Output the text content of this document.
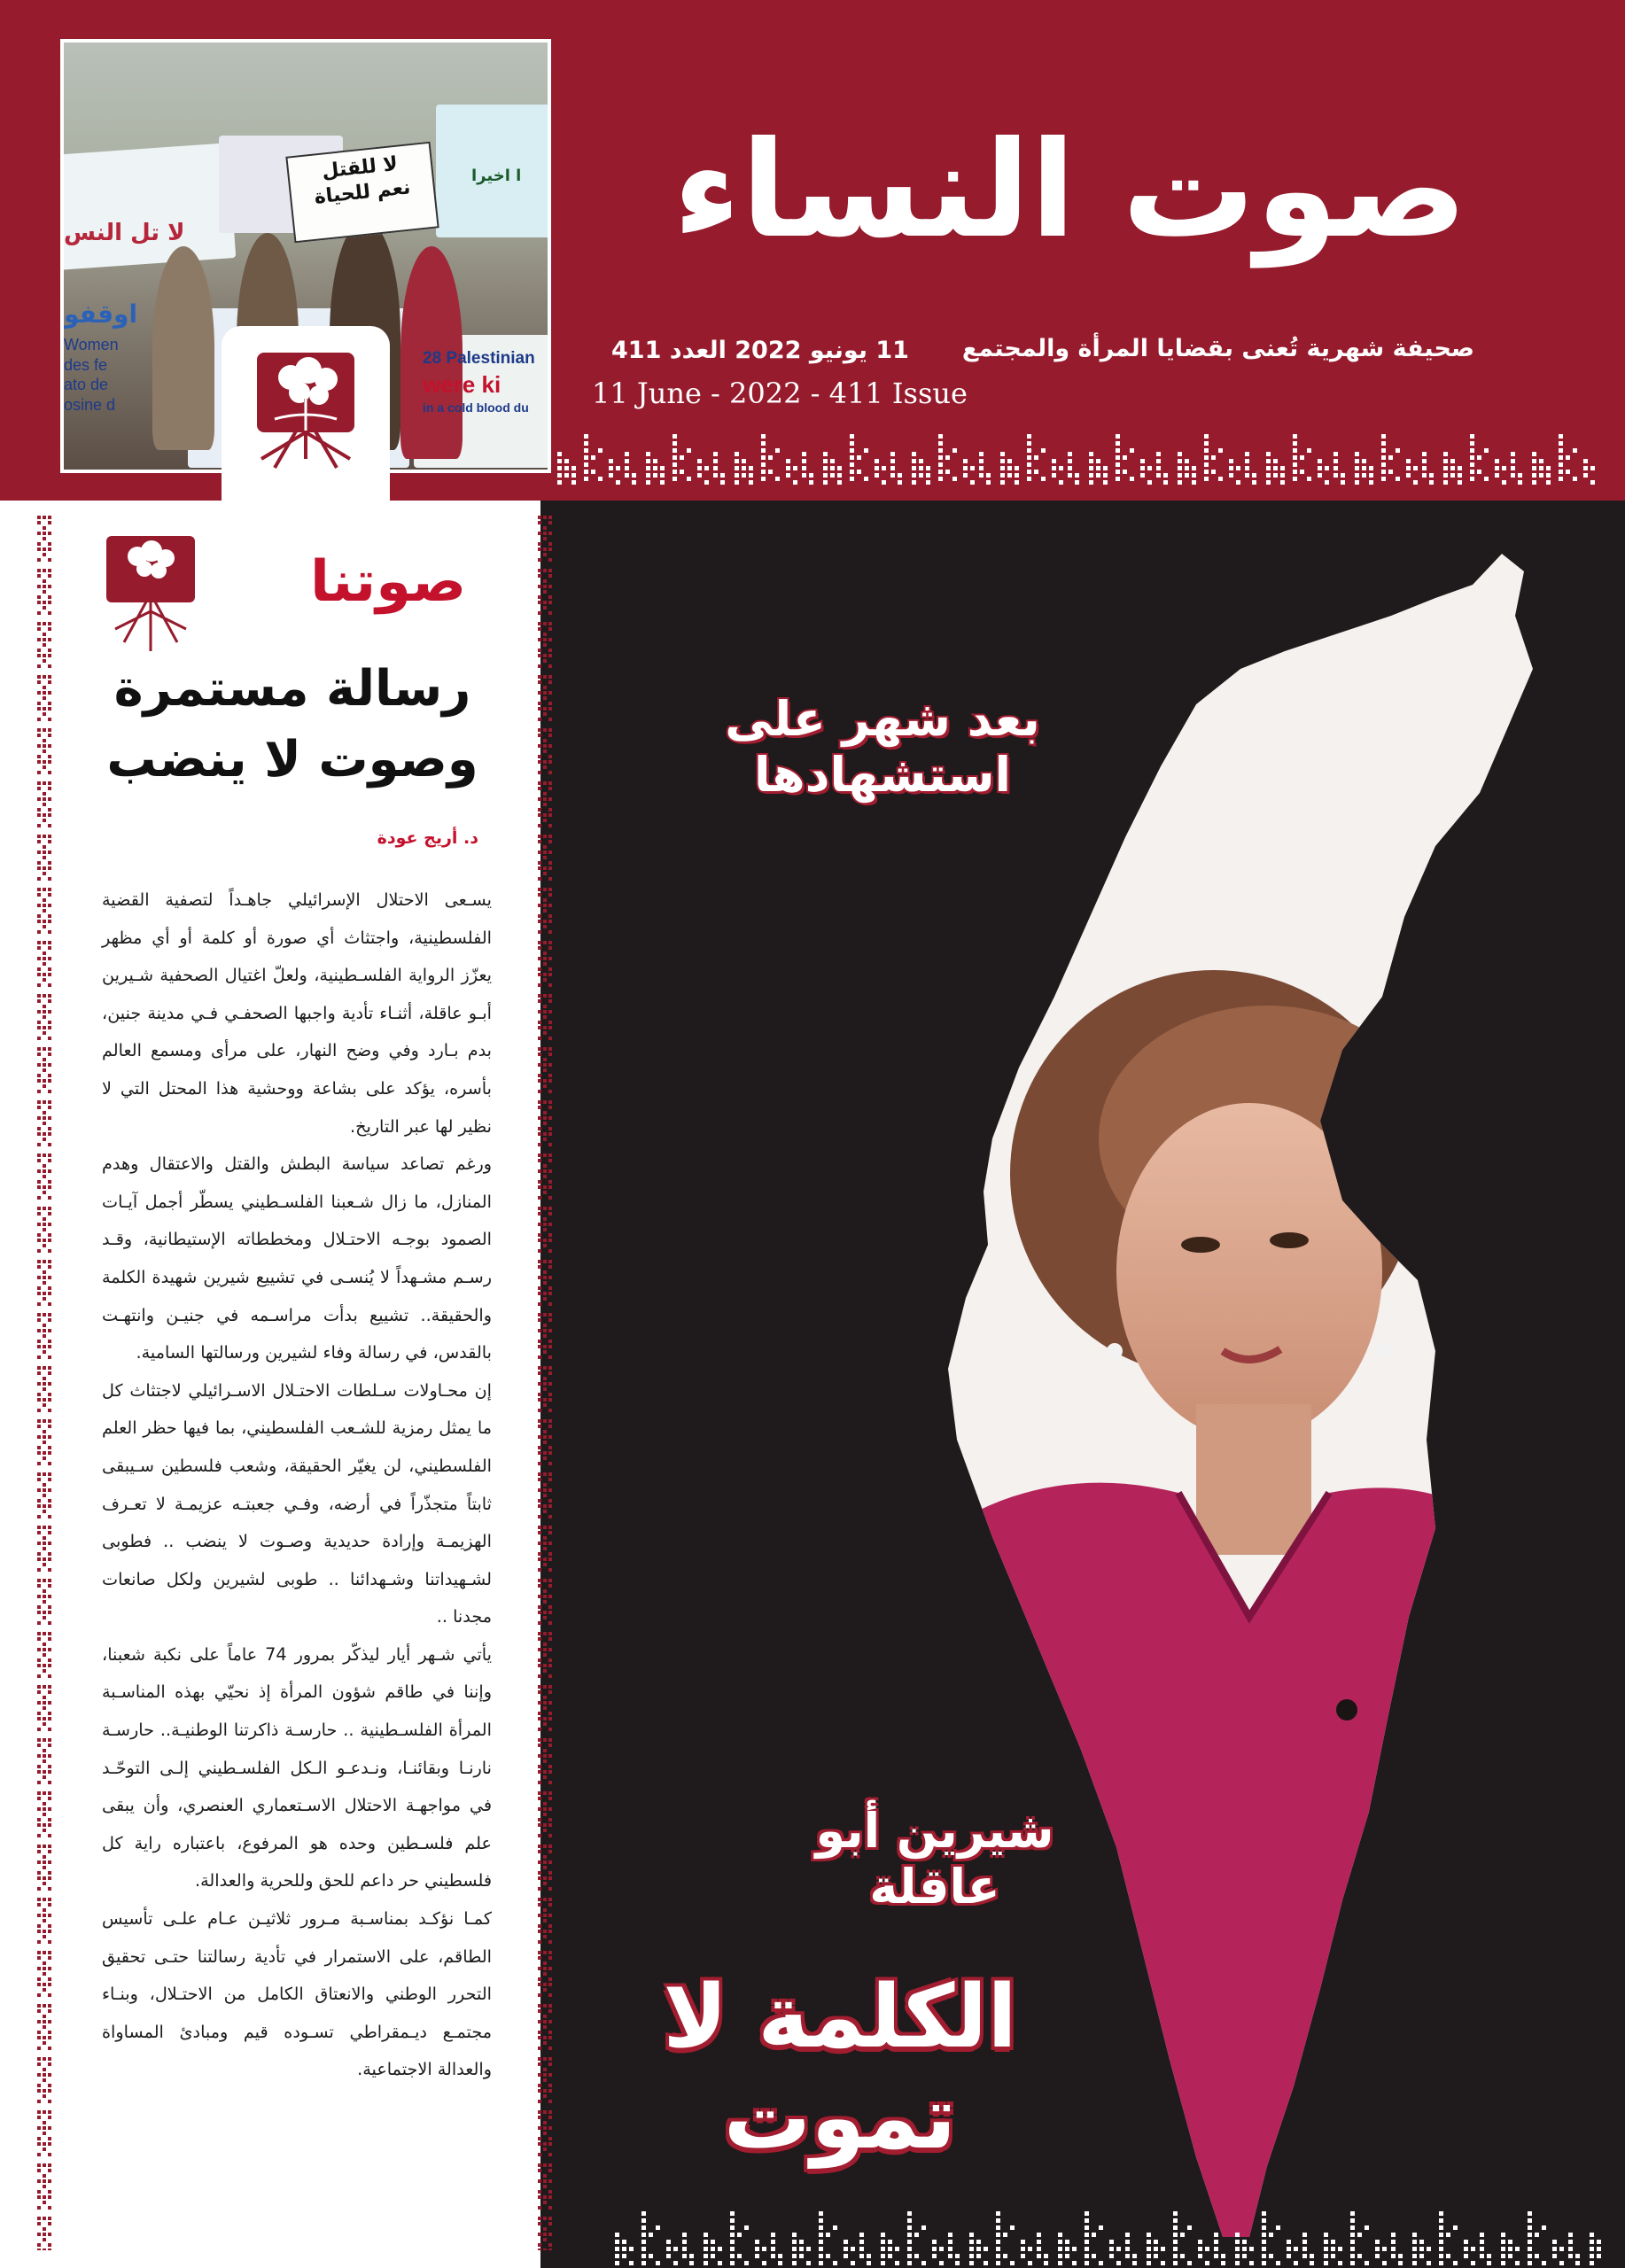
لا للقتل
نعم للحياة
28 Palestinian
were ki
in a cold blood du
Women
des fe
ato de
osine d
لا تل النس
اوقفو
ا اخيرا صوت النساء
صحيفة شهرية تُعنى بقضايا المرأة والمجتمع
11 يونيو 2022 العدد 411
11 June - 2022 - 411 Issue
بعد شهر على استشهادها
شيرين أبو عاقلة
الكلمة لا تموت
صوتنا
رسالة مستمرة
وصوت لا ينضب
د. أريج عودة

يسـعى الاحتلال الإسرائيلي جاهـداً لتصفية القضية الفلسطينية، واجتثاث أي صورة أو كلمة أو أي مظهر يعزّز الرواية الفلسـطينية، ولعلّ اغتيال الصحفية شـيرين أبـو عاقلة، أثنـاء تأدية واجبها الصحفـي فـي مدينة جنين، بدم بـارد وفي وضح النهار، على مرأى ومسمع العالم بأسره، يؤكد على بشاعة ووحشية هذا المحتل التي لا نظير لها عبر التاريخ.

ورغم تصاعد سياسة البطش والقتل والاعتقال وهدم المنازل، ما زال شـعبنا الفلسـطيني يسطّر أجمل آيـات الصمود بوجـه الاحتـلال ومخططاته الإستيطانية، وقـد رسـم مشـهداً لا يُنسـى في تشييع شيرين شهيدة الكلمة والحقيقة.. تشييع بدأت مراسـمه في جنيـن وانتهـت بالقدس، في رسالة وفاء لشيرين ورسالتها السامية.

إن محـاولات سـلطات الاحتـلال الاسـرائيلي لاجتثاث كل ما يمثل رمزية للشـعب الفلسطيني، بما فيها حظر العلم الفلسطيني، لن يغيّر الحقيقة، وشعب فلسطين سـيبقى ثابتاً متجذّراً في أرضه، وفـي جعبتـه عزيمـة لا تعـرف الهزيمـة وإرادة حديدية وصـوت لا ينضب .. فطوبى لشـهيداتنا وشـهدائنا .. طوبى لشيرين ولكل صانعات مجدنا ..

يأتي شـهر أيار ليذكّر بمرور 74 عاماً على نكبة شعبنا، وإننا في طاقم شؤون المرأة إذ نحيّي بهذه المناسـبة المرأة الفلسـطينية .. حارسـة ذاكرتنا الوطنيـة.. حارسـة نارنـا وبقائنـا، ونـدعـو الـكل الفلسـطيني إلـى التوحّـد في مواجهـة الاحتلال الاسـتعماري العنصري، وأن يبقى علم فلسـطين وحده هو المرفوع، باعتباره راية كل فلسطيني حر داعم للحق وللحرية والعدالة.

كمـا نؤكـد بمناسـبة مـرور ثلاثيـن عـام علـى تأسيس الطاقم، على الاستمرار في تأدية رسالتنا حتـى تحقيق التحرر الوطني والانعتاق الكامل من الاحتـلال، وبنـاء مجتمـع ديـمقراطي تسـوده قيم ومبادئ المساواة والعدالة الاجتماعية.
